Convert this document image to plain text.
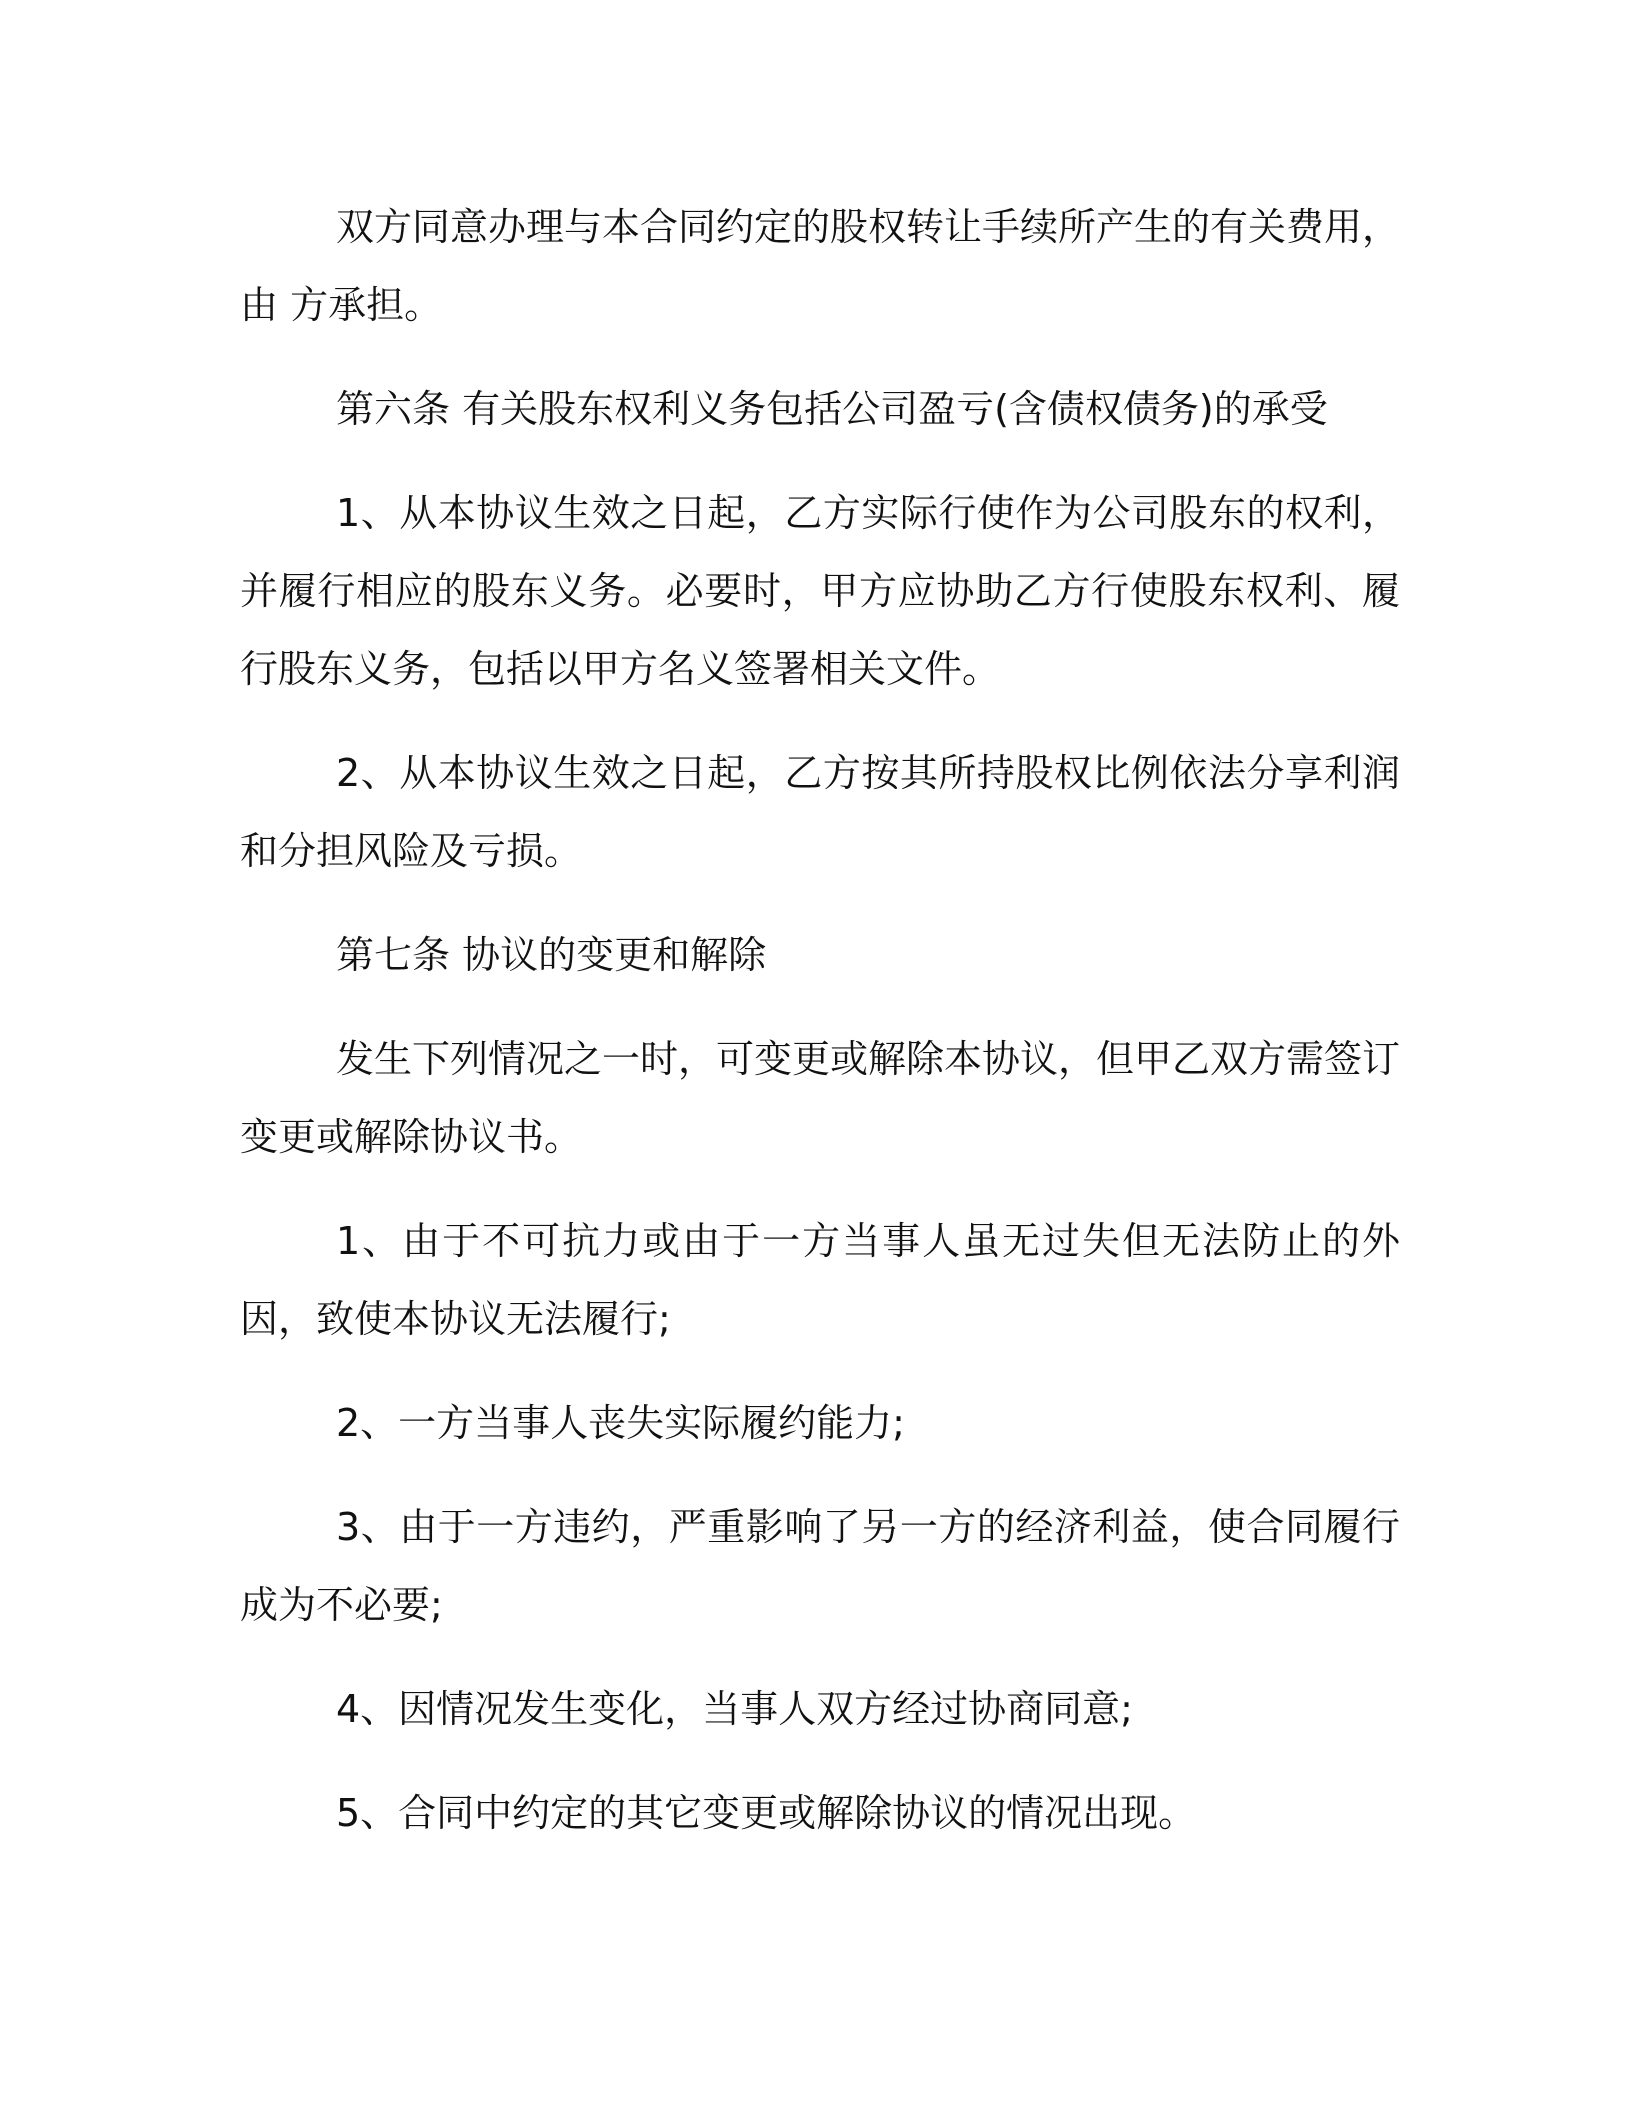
双方同意办理与本合同约定的股权转让手续所产生的有关费用，由 方承担。

第六条 有关股东权利义务包括公司盈亏(含债权债务)的承受

1、从本协议生效之日起，乙方实际行使作为公司股东的权利，并履行相应的股东义务。必要时，甲方应协助乙方行使股东权利、履行股东义务，包括以甲方名义签署相关文件。

2、从本协议生效之日起，乙方按其所持股权比例依法分享利润和分担风险及亏损。

第七条 协议的变更和解除

发生下列情况之一时，可变更或解除本协议，但甲乙双方需签订变更或解除协议书。

1、由于不可抗力或由于一方当事人虽无过失但无法防止的外因，致使本协议无法履行;

2、一方当事人丧失实际履约能力;

3、由于一方违约，严重影响了另一方的经济利益，使合同履行成为不必要;

4、因情况发生变化，当事人双方经过协商同意;

5、合同中约定的其它变更或解除协议的情况出现。
